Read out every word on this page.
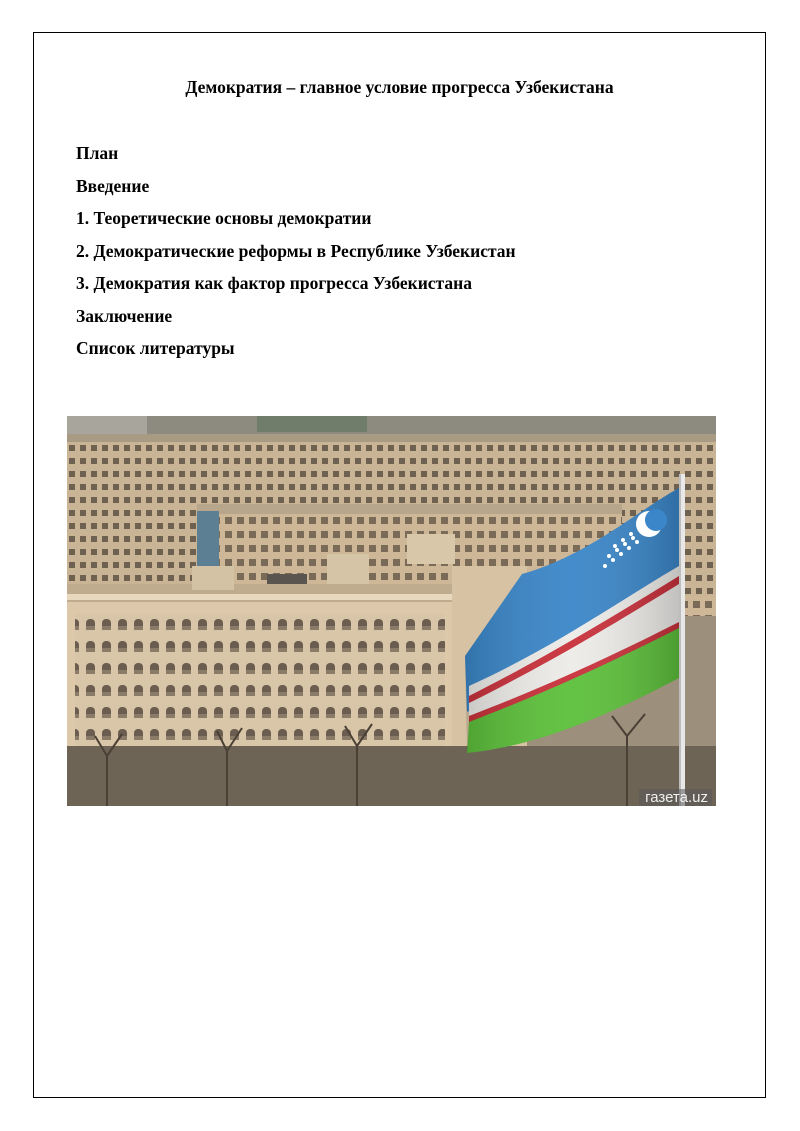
Демократия – главное условие прогресса Узбекистана
План
Введение
1. Теоретические основы демократии
2. Демократические реформы в Республике Узбекистан
3. Демократия как фактор прогресса Узбекистана
Заключение
Список литературы
газета.uz
